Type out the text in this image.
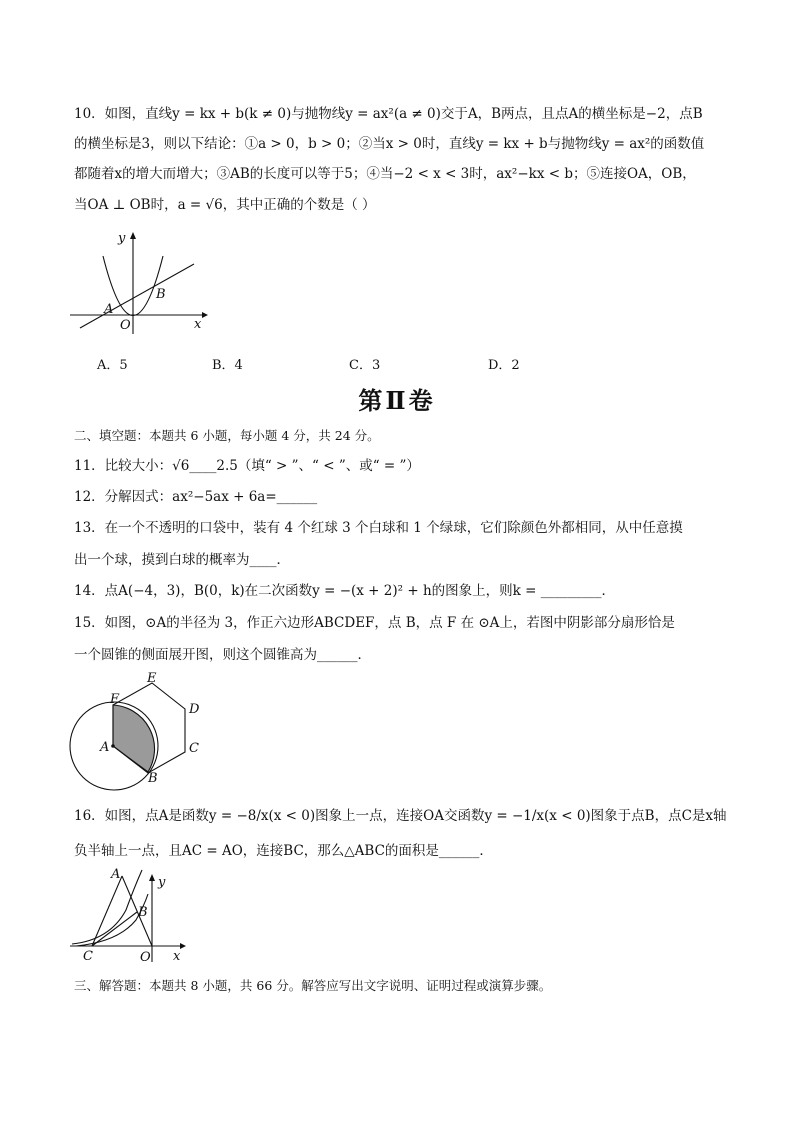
10．如图，直线y = kx + b(k ≠ 0)与抛物线y = ax²(a ≠ 0)交于A，B两点，且点A的横坐标是−2，点B
的横坐标是3，则以下结论：①a > 0，b > 0；②当x > 0时，直线y = kx + b与抛物线y = ax²的函数值
都随着x的增大而增大；③AB的长度可以等于5；④当−2 < x < 3时，ax²−kx < b；⑤连接OA，OB，
当OA ⊥ OB时，a = √6，其中正确的个数是（ ）
y
x
O
A
B
A．5	B．4	C．3	D．2
第Ⅱ卷
二、填空题：本题共 6 小题，每小题 4 分，共 24 分。
11．比较大小：√6____2.5（填“ > ”、“ < ”、或“ = ”）
12．分解因式：ax²−5ax + 6a=______
13．在一个不透明的口袋中，装有 4 个红球 3 个白球和 1 个绿球，它们除颜色外都相同，从中任意摸
出一个球，摸到白球的概率为____．
14．点A(−4，3)，B(0，k)在二次函数y = −(x + 2)² + h的图象上，则k = _________．
15．如图，⊙A的半径为 3，作正六边形ABCDEF，点 B，点 F 在 ⊙A上，若图中阴影部分扇形恰是
一个圆锥的侧面展开图，则这个圆锥高为______．
F
E
D
C
B
A
16．如图，点A是函数y = −8/x(x < 0)图象上一点，连接OA交函数y = −1/x(x < 0)图象于点B，点C是x轴
负半轴上一点，且AC = AO，连接BC，那么△ABC的面积是______．
A
B
C	O x
y
三、解答题：本题共 8 小题，共 66 分。解答应写出文字说明、证明过程或演算步骤。
